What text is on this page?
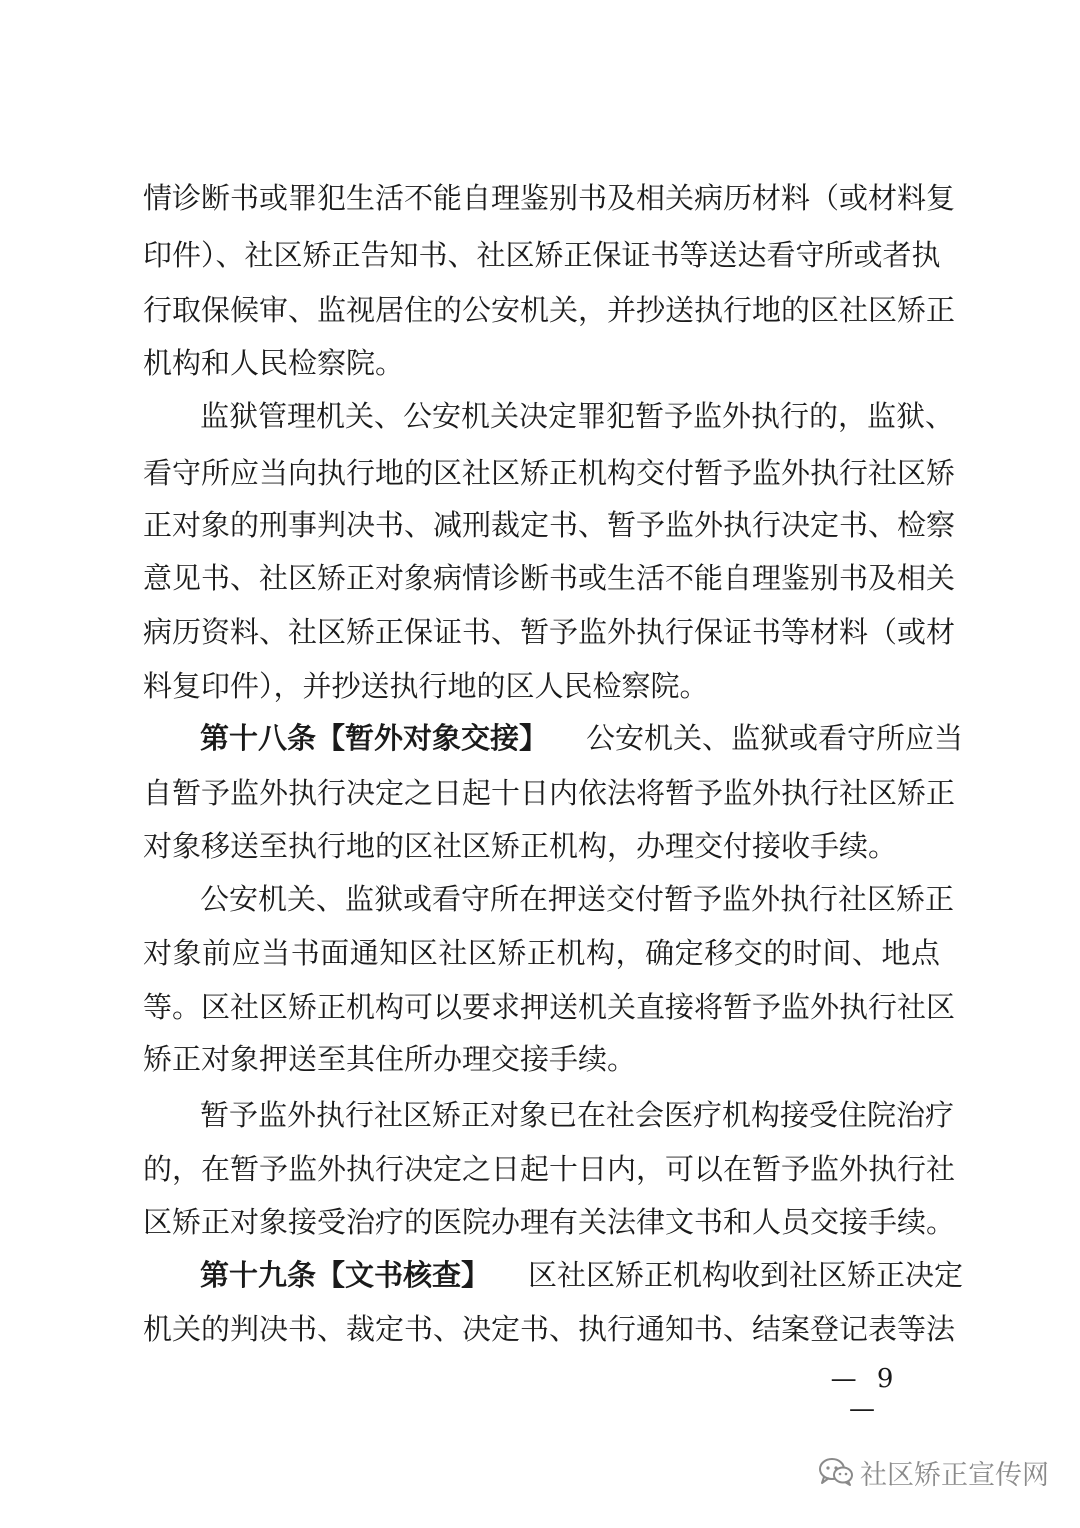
情诊断书或罪犯生活不能自理鉴别书及相关病历材料（或材料复
印件）、社区矫正告知书、社区矫正保证书等送达看守所或者执
行取保候审、监视居住的公安机关，并抄送执行地的区社区矫正
机构和人民检察院。
监狱管理机关、公安机关决定罪犯暂予监外执行的，监狱、
看守所应当向执行地的区社区矫正机构交付暂予监外执行社区矫
正对象的刑事判决书、减刑裁定书、暂予监外执行决定书、检察
意见书、社区矫正对象病情诊断书或生活不能自理鉴别书及相关
病历资料、社区矫正保证书、暂予监外执行保证书等材料（或材
料复印件），并抄送执行地的区人民检察院。
第十八条【暂外对象交接】 公安机关、监狱或看守所应当
自暂予监外执行决定之日起十日内依法将暂予监外执行社区矫正
对象移送至执行地的区社区矫正机构，办理交付接收手续。
公安机关、监狱或看守所在押送交付暂予监外执行社区矫正
对象前应当书面通知区社区矫正机构，确定移交的时间、地点
等。区社区矫正机构可以要求押送机关直接将暂予监外执行社区
矫正对象押送至其住所办理交接手续。
暂予监外执行社区矫正对象已在社会医疗机构接受住院治疗
的，在暂予监外执行决定之日起十日内，可以在暂予监外执行社
区矫正对象接受治疗的医院办理有关法律文书和人员交接手续。
第十九条【文书核查】 区社区矫正机构收到社区矫正决定
机关的判决书、裁定书、决定书、执行通知书、结案登记表等法
— 9 —
社区矫正宣传网
